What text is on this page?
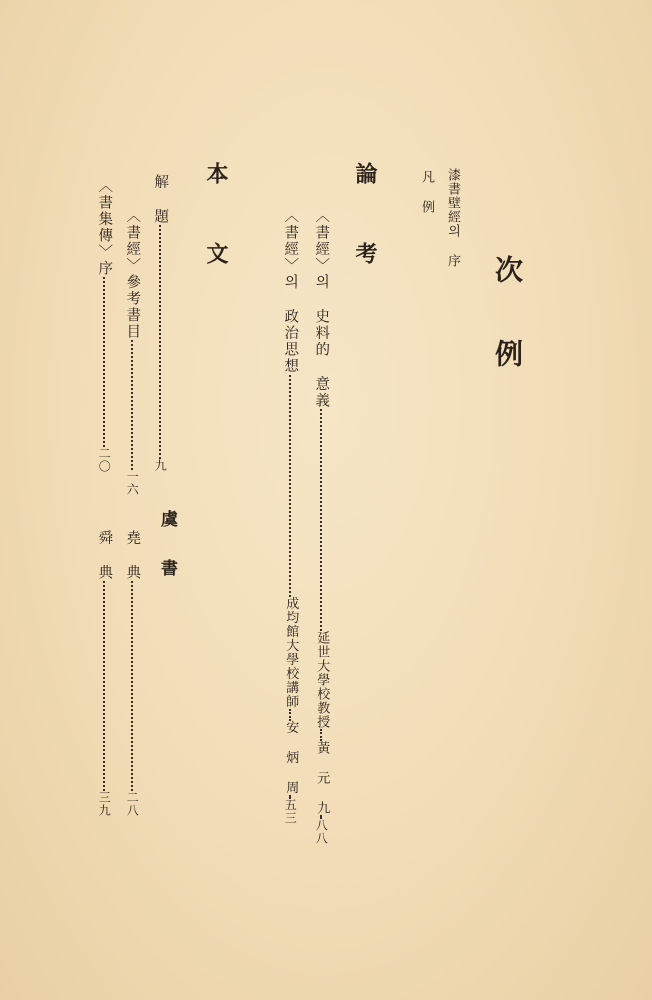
次例
漆書壁經의 序
凡 例
論 考
〈書經〉의 史料的 意義延世大學校教授黃 元 九八八
〈書經〉의 政治思想成均館大學校講師安 炳 周五三
本 文
解 題九
〈書經〉參考書目一六
〈書集傳〉序二〇
虞 書
堯 典二八
舜 典三九
